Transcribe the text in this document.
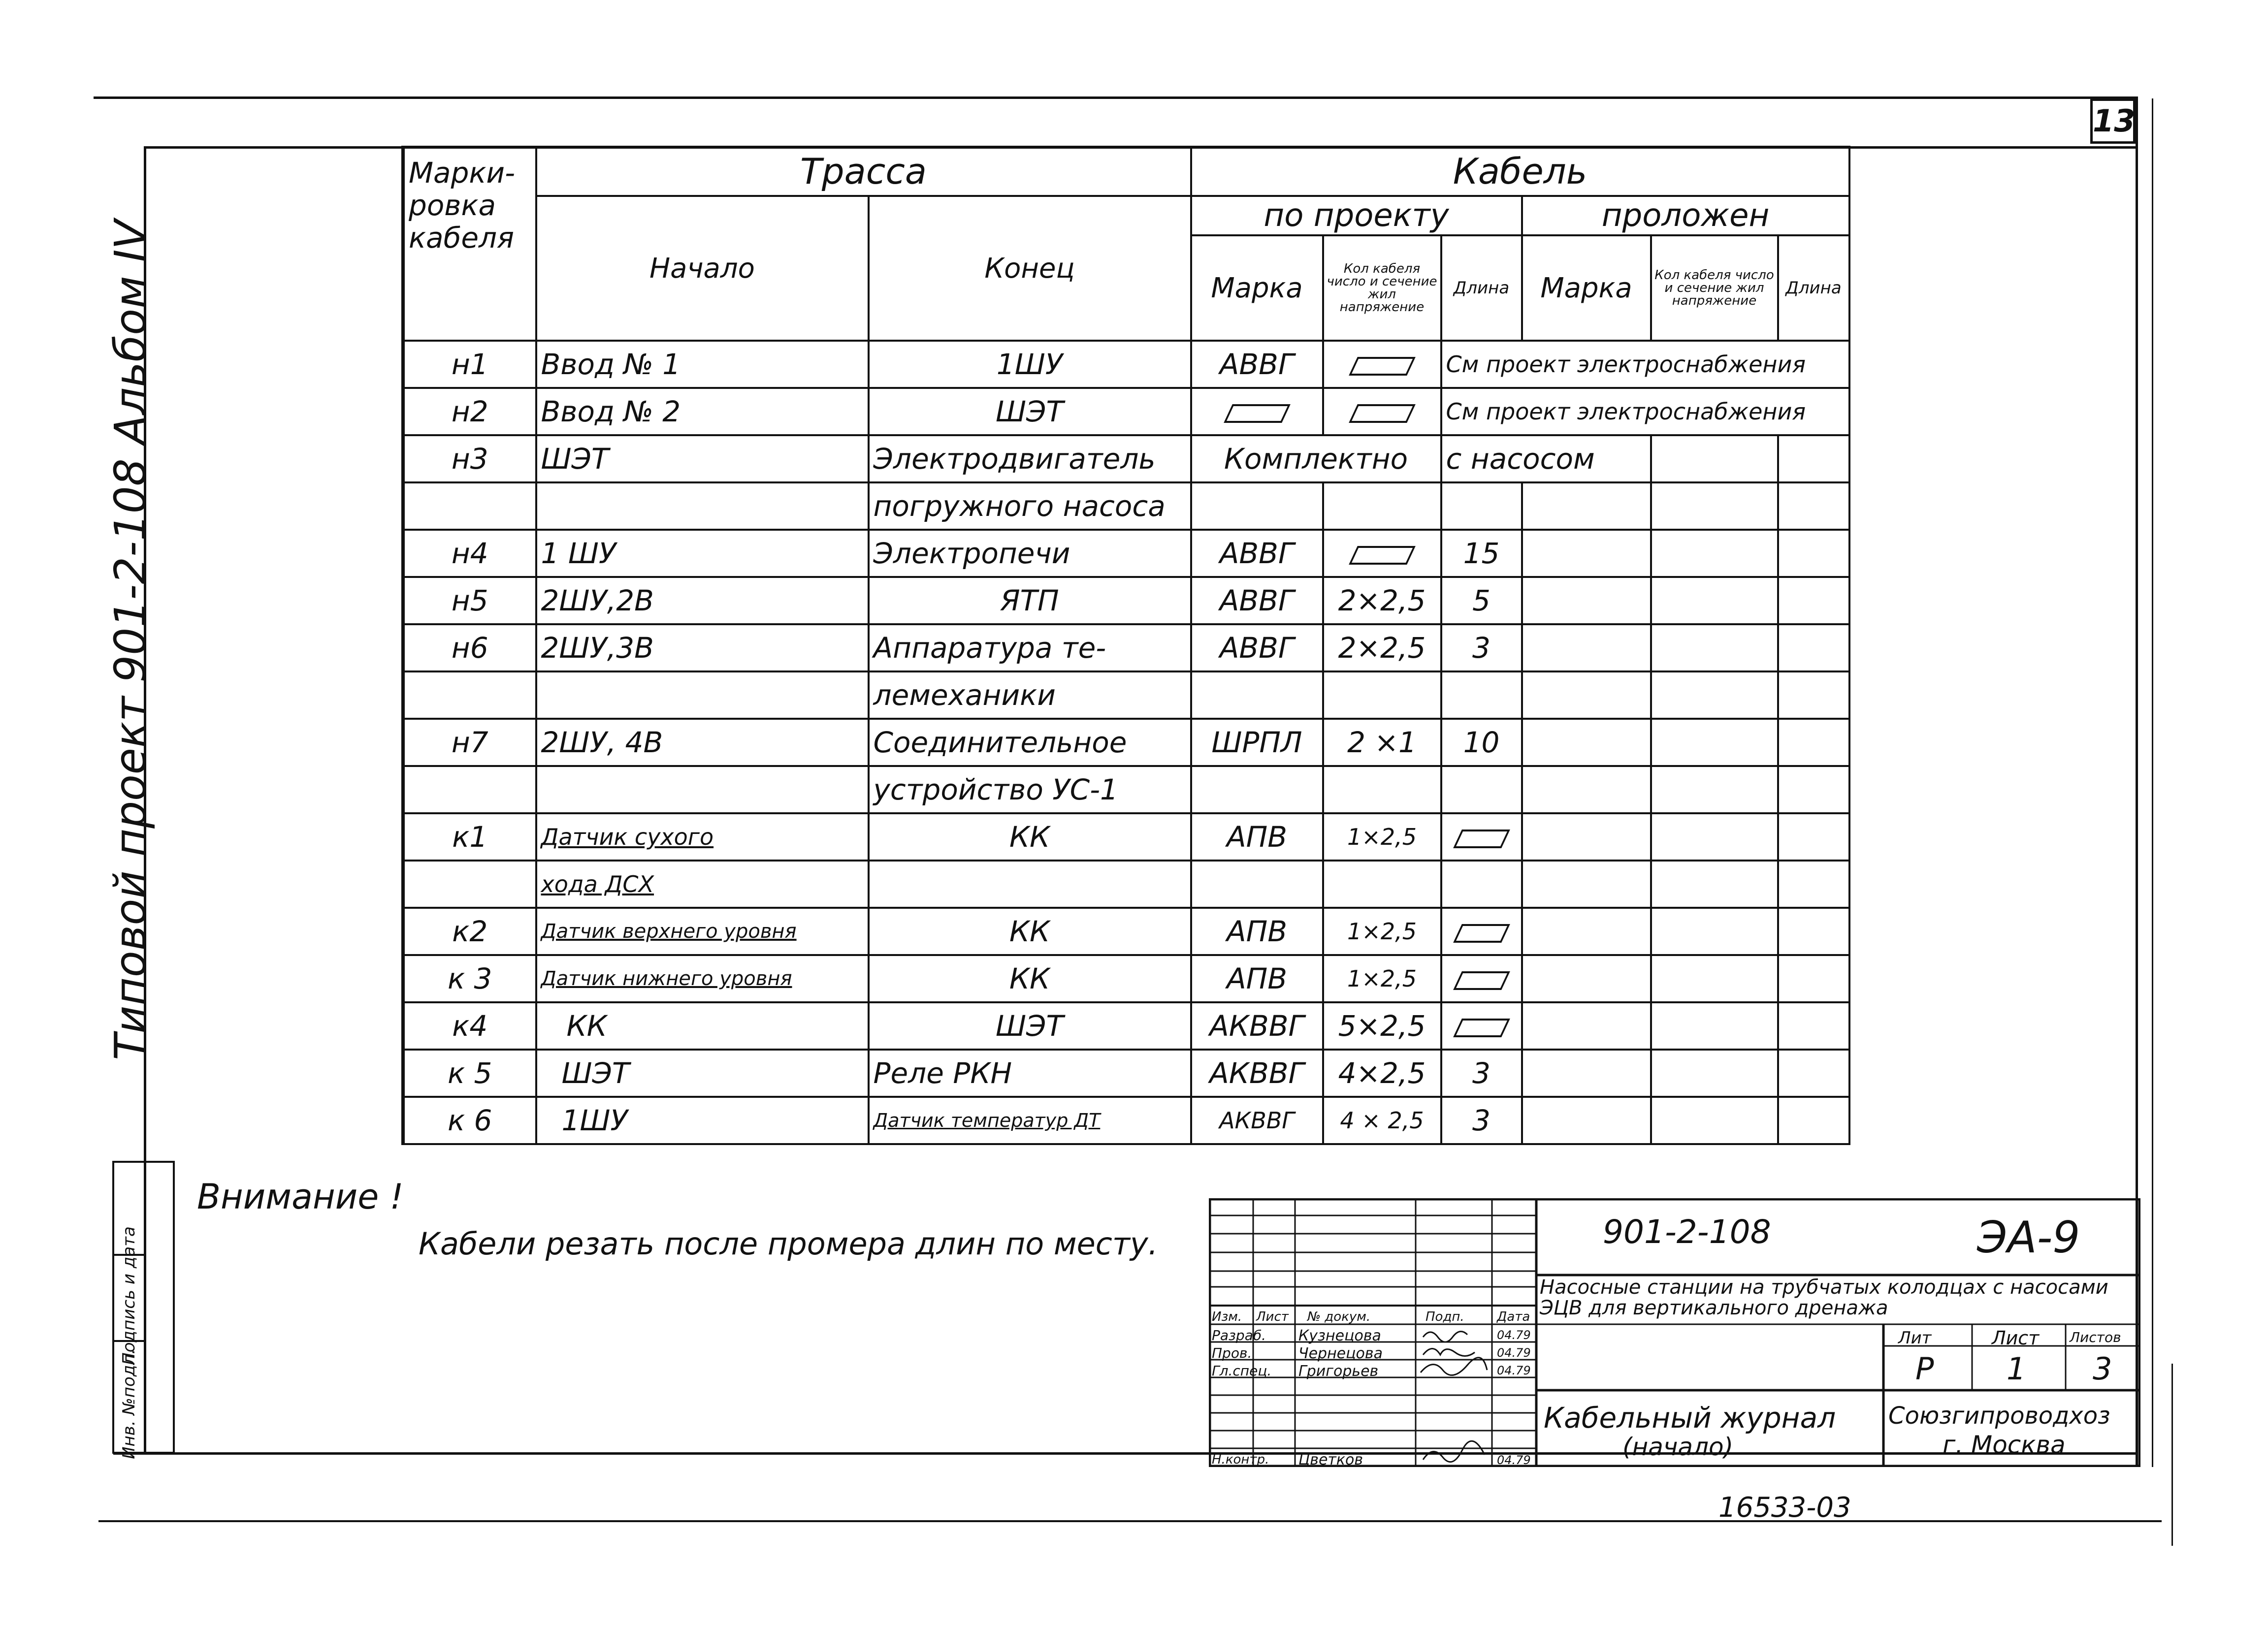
13
Типовой проект 901-2-108 Альбом IV
Инв. №подл.
Подпись и дата
Марки-ровка кабеля	Трасса		Кабель					
	Начало	Конец	по проекту			проложен		
			Марка	Кол кабеля число и сечение жил напряжение	Длина	Марка	Кол кабеля число и сечение жил напряжение	Длина
н1	Ввод № 1	1ШУ	АВВГ		См проект электроснабжения			
н2	Ввод № 2	ШЭТ			См проект электроснабжения			
н3	ШЭТ	Электродвигатель	Комплектно		с насосом			
		погружного насоса						
н4	1 ШУ	Электропечи	АВВГ		15			
н5	2ШУ,2В	ЯТП	АВВГ	2×2,5	5			
н6	2ШУ,3В	Аппаратура те-	АВВГ	2×2,5	3			
		лемеханики						
н7	2ШУ, 4В	Соединительное	ШРПЛ	2 ×1	10			
		устройство УС-1						
к1	Датчик сухого	КК	АПВ	1×2,5				
	хода ДСХ							
к2	Датчик верхнего уровня	КК	АПВ	1×2,5				
к 3	Датчик нижнего уровня	КК	АПВ	1×2,5				
к4	КК	ШЭТ	АКВВГ	5×2,5				
к 5	ШЭТ	Реле РКН	АКВВГ	4×2,5	3			
к 6	1ШУ	Датчик температур ДТ	АКВВГ	4 × 2,5	3			
Внимание !
Кабели резать после промера длин по месту.
Изм. Лист № докум.	Подп.	Дата
Разраб. Кузнецова	04.79
Пров.	Чернецова	04.79
Гл.спец. Григорьев	04.79
Н.контр. Цветков	04.79
901-2-108	ЭА-9
Насосные станции на трубчатых колодцах с насосами ЭЦВ для вертикального дренажа
Лит	Лист Листов
Р 1 3
Кабельный журнал
(начало)
Союзгипроводхоз
г. Москва
16533-03
